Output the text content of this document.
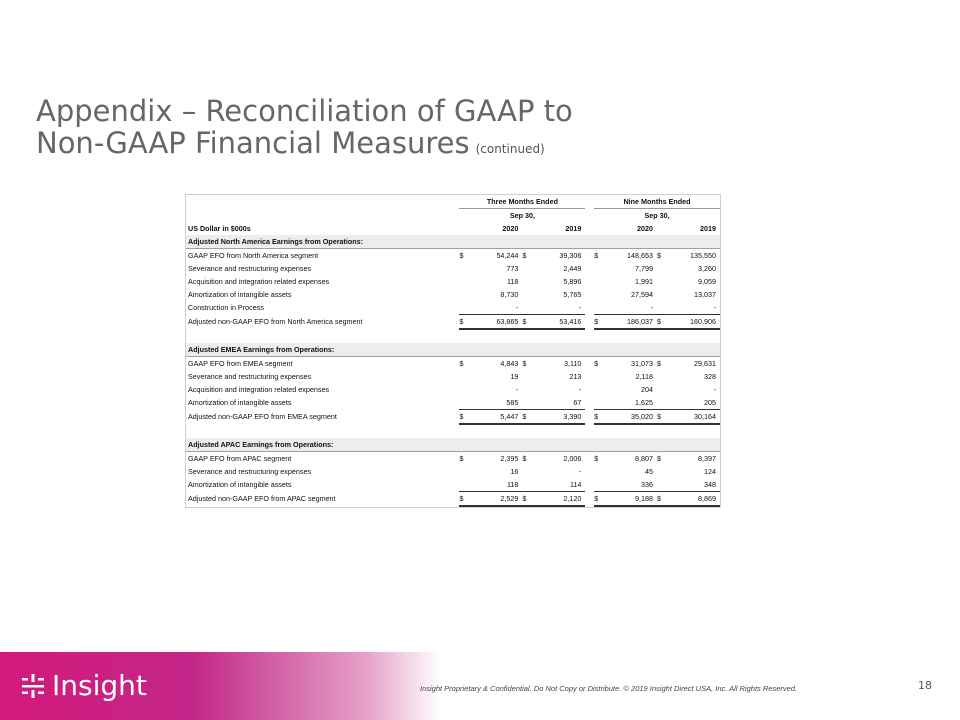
Appendix – Reconciliation of GAAP to
Non-GAAP Financial Measures (continued)
	Three Months Ended					Nine Months Ended			
	Sep 30,					Sep 30,			
US Dollar in $000s		2020		2019			2020		2019
Adjusted North America Earnings from Operations:									
GAAP EFO from North America segment	$	54,244	$	39,306		$	148,653	$	135,550
Severance and restructuring expenses		773		2,449			7,799		3,260
Acquisition and integration related expenses		118		5,896			1,991		9,059
Amortization of intangible assets		8,730		5,765			27,594		13,037
Construction in Process		-		-			-		-
Adjusted non-GAAP EFO from North America segment	$	63,865	$	53,416		$	186,037	$	160,906

Adjusted EMEA Earnings from Operations:									
GAAP EFO from EMEA segment	$	4,843	$	3,110		$	31,073	$	29,631
Severance and restructuring expenses		19		213			2,118		328
Acquisition and integration related expenses		-		-			204		-
Amortization of intangible assets		585		67			1,625		205
Adjusted non-GAAP EFO from EMEA segment	$	5,447	$	3,390		$	35,020	$	30,164

Adjusted APAC Earnings from Operations:									
GAAP EFO from APAC segment	$	2,395	$	2,006		$	8,807	$	8,397
Severance and restructuring expenses		16		-			45		124
Amortization of intangible assets		118		114			336		348
Adjusted non-GAAP EFO from APAC segment	$	2,529	$	2,120		$	9,188	$	8,869
Insight	Insight Proprietary & Confidential. Do Not Copy or Distribute. © 2019 Insight Direct USA, Inc. All Rights Reserved.	18
